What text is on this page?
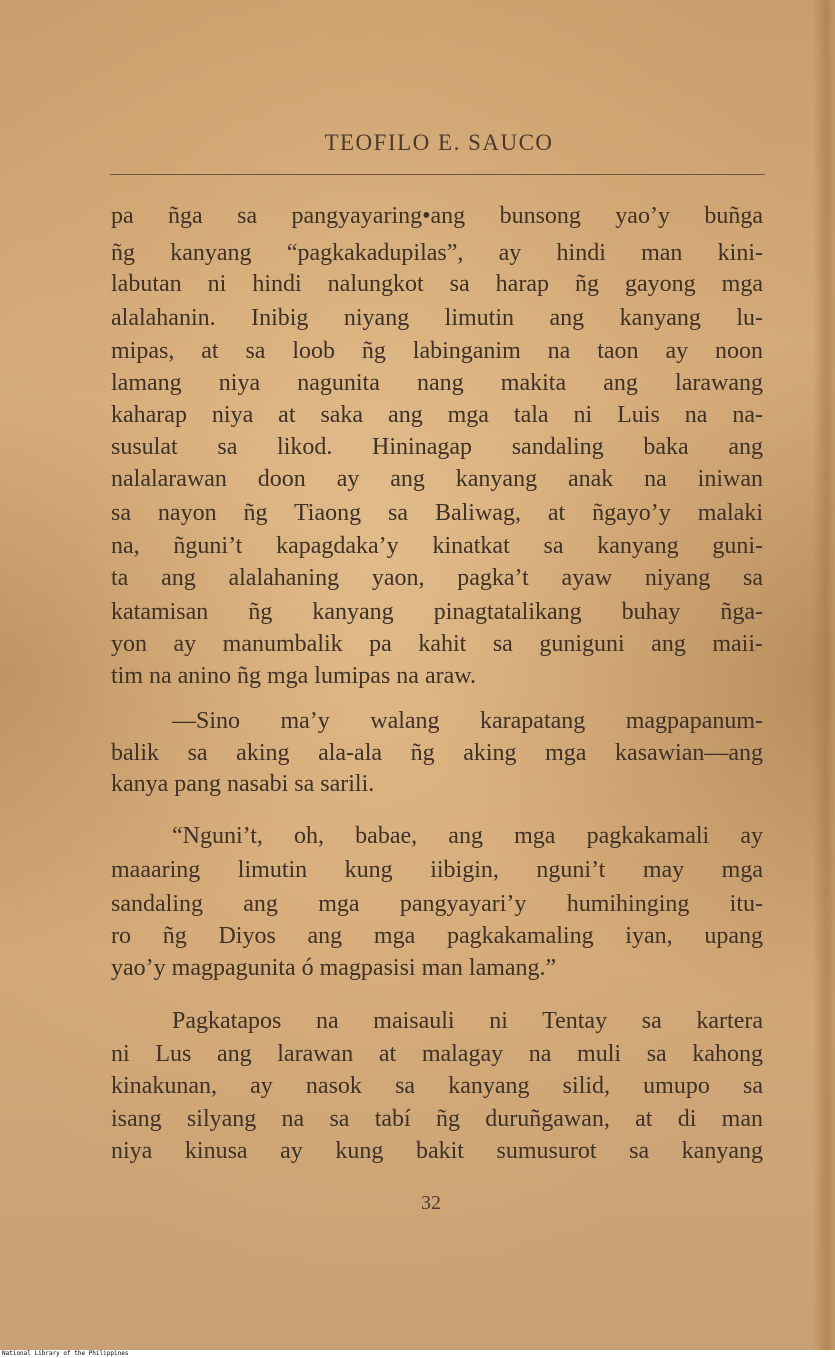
TEOFILO E. SAUCO
pa ñga sa pangyayaring•ang bunsong yao’y buñga
ñg kanyang “pagkakadupilas”, ay hindi man kini-
labutan ni hindi nalungkot sa harap ñg gayong mga
alalahanin. Inibig niyang limutin ang kanyang lu-
mipas, at sa loob ñg labinganim na taon ay noon
lamang niya nagunita nang makita ang larawang
kaharap niya at saka ang mga tala ni Luis na na-
susulat sa likod. Hininagap sandaling baka ang
nalalarawan doon ay ang kanyang anak na iniwan
sa nayon ñg Tiaong sa Baliwag, at ñgayo’y malaki
na, ñguni’t kapagdaka’y kinatkat sa kanyang guni-
ta ang alalahaning yaon, pagka’t ayaw niyang sa
katamisan ñg kanyang pinagtatalikang buhay ñga-
yon ay manumbalik pa kahit sa guniguni ang maii-
tim na anino ñg mga lumipas na araw.
—Sino ma’y walang karapatang magpapanum-
balik sa aking ala-ala ñg aking mga kasawian—ang
kanya pang nasabi sa sarili.
“Nguni’t, oh, babae, ang mga pagkakamali ay
maaaring limutin kung iibigin, nguni’t may mga
sandaling ang mga pangyayari’y humihinging itu-
ro ñg Diyos ang mga pagkakamaling iyan, upang
yao’y magpagunita ó magpasisi man lamang.”
Pagkatapos na maisauli ni Tentay sa kartera
ni Lus ang larawan at malagay na muli sa kahong
kinakunan, ay nasok sa kanyang silid, umupo sa
isang silyang na sa tabí ñg duruñgawan, at di man
niya kinusa ay kung bakit sumusurot sa kanyang
32
National Library of the Philippines
